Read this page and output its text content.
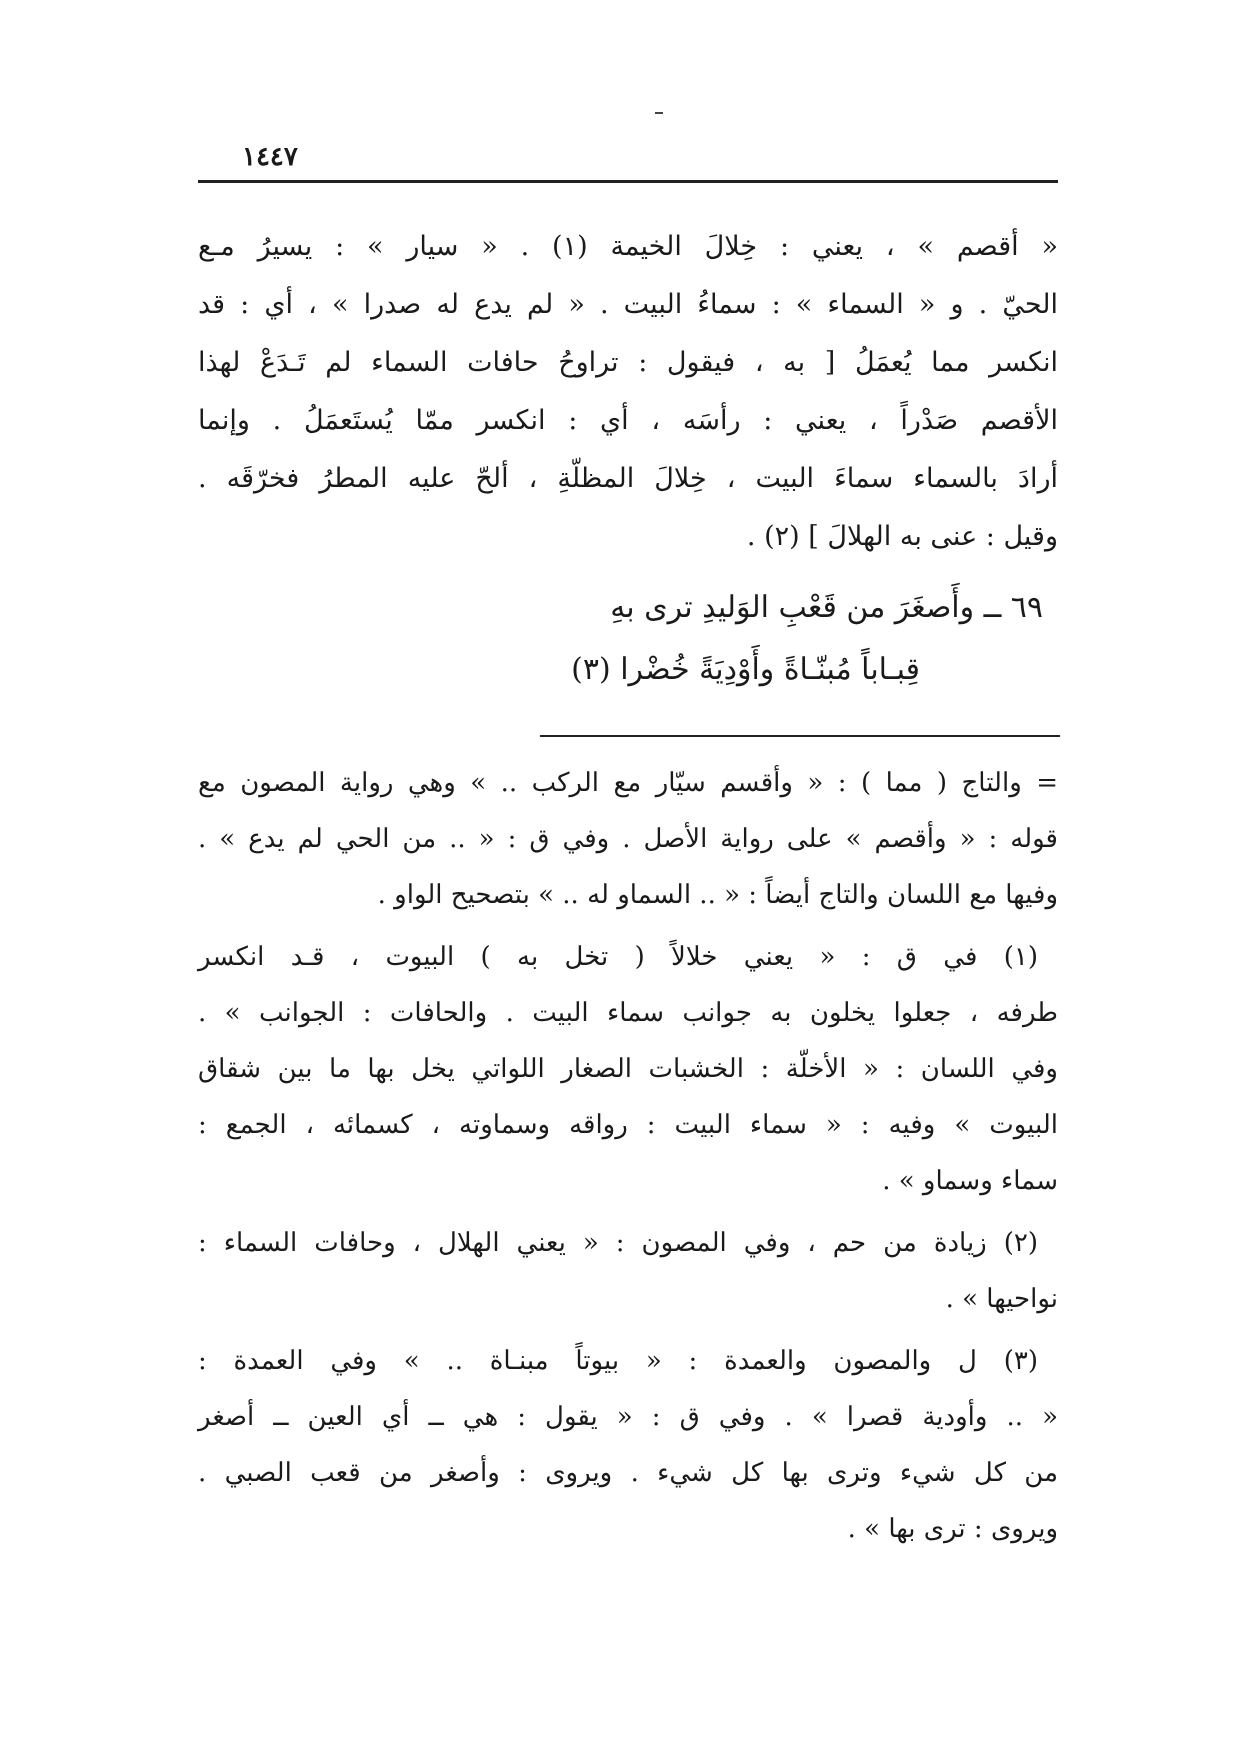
١٤٤٧
« أقصم » ، يعني : خِلالَ الخيمة (١) . « سيار » : يسيرُ مـع
الحيّ . و « السماء » : سماءُ البيت . « لم يدع له صدرا » ، أي : قد
انكسر مما يُعمَلُ [ به ، فيقول : تراوحُ حافات السماء لم تَـدَعْ لهذا
الأقصم صَدْراً ، يعني : رأسَه ، أي : انكسر ممّا يُستَعمَلُ . وإنما
أرادَ بالسماء سماءَ البيت ، خِلالَ المظلّةِ ، ألحّ عليه المطرُ فخرّقَه .
وقيل : عنى به الهلالَ ] (٢) .
٦٩ ــ وأَصغَرَ من قَعْبِ الوَليدِ ترى بهِ
قِبـاباً مُبنّـاةً وأَوْدِيَةً خُضْرا (٣)
= والتاج ( مما ) : « وأقسم سيّار مع الركب .. » وهي رواية المصون مع
قوله : « وأقصم » على رواية الأصل . وفي ق : « .. من الحي لم يدع » .
وفيها مع اللسان والتاج أيضاً : « .. السماو له .. » بتصحيح الواو .
(١) في ق : « يعني خلالاً ( تخل به ) البيوت ، قـد انكسر
طرفه ، جعلوا يخلون به جوانب سماء البيت . والحافات : الجوانب » .
وفي اللسان : « الأخلّة : الخشبات الصغار اللواتي يخل بها ما بين شقاق
البيوت » وفيه : « سماء البيت : رواقه وسماوته ، كسمائه ، الجمع :
سماء وسماو » .
(٢) زيادة من حم ، وفي المصون : « يعني الهلال ، وحافات السماء :
نواحيها » .
(٣) ل والمصون والعمدة : « بيوتاً مبنـاة .. » وفي العمدة :
« .. وأودية قصرا » . وفي ق : « يقول : هي ــ أي العين ــ أصغر
من كل شيء وترى بها كل شيء . ويروى : وأصغر من قعب الصبي .
ويروى : ترى بها » .
